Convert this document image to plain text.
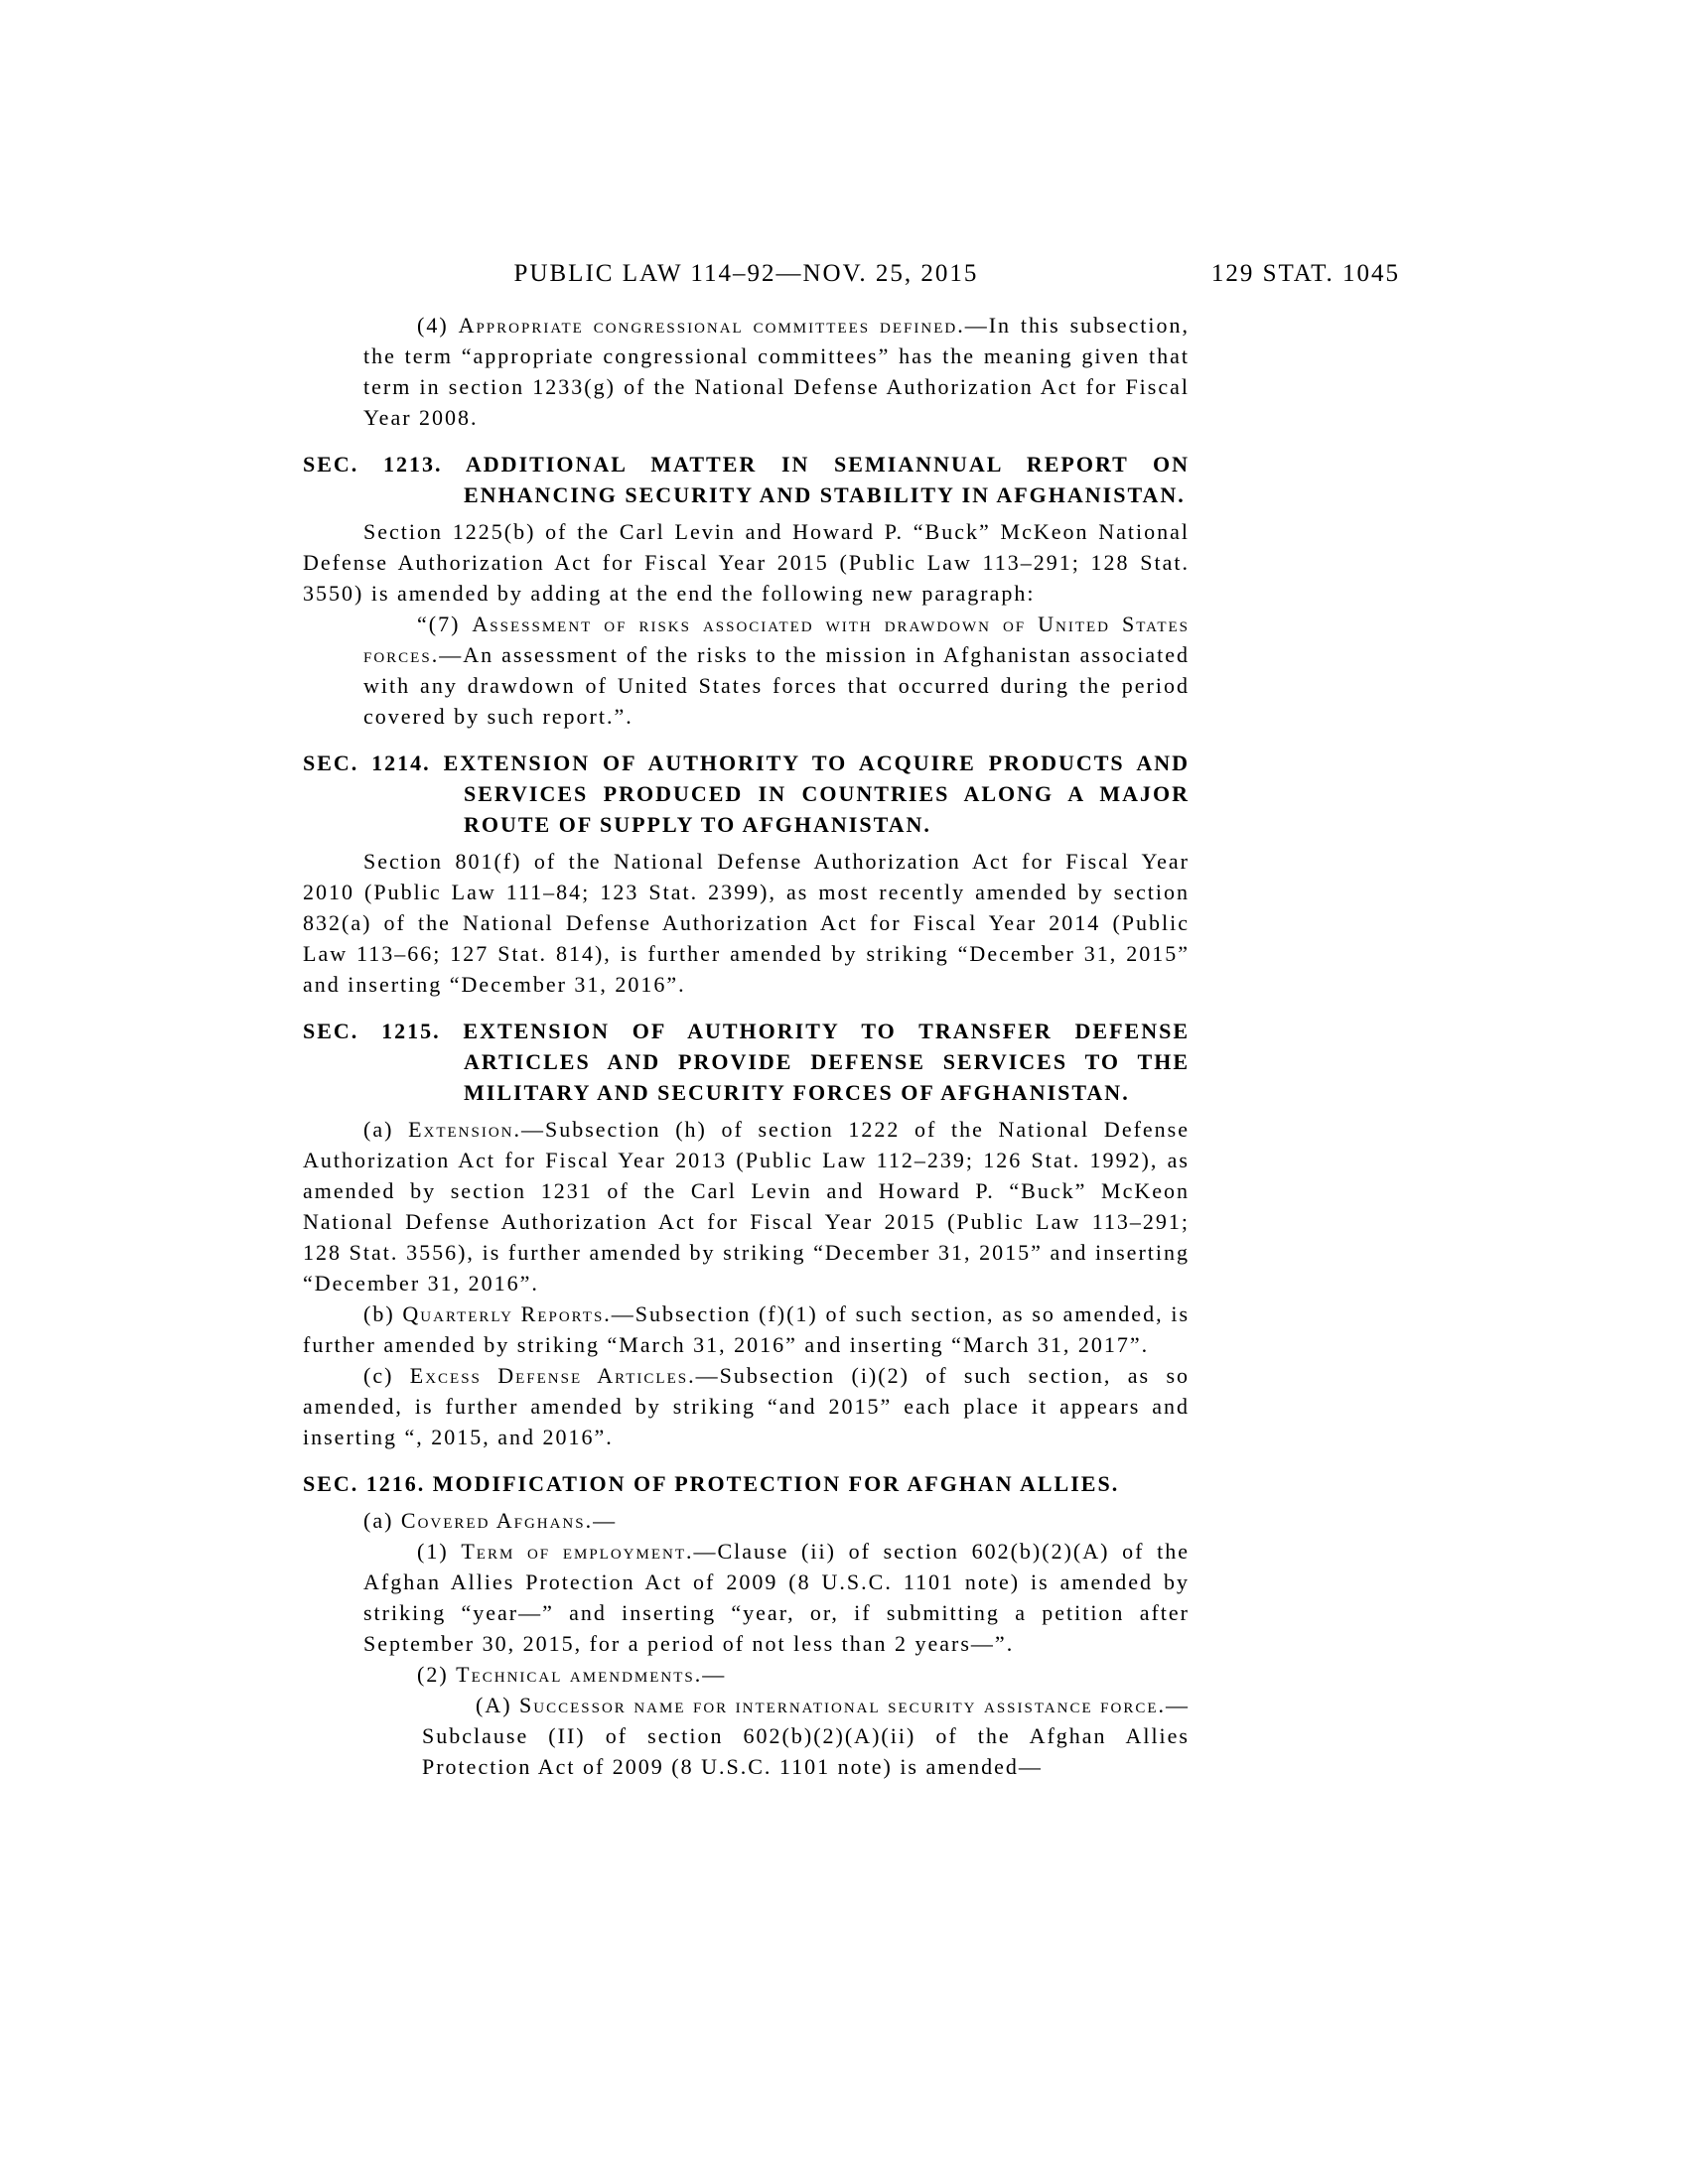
PUBLIC LAW 114–92—NOV. 25, 2015	129 STAT. 1045

(4) Appropriate congressional committees defined.—In this subsection, the term “appropriate congressional committees” has the meaning given that term in section 1233(g) of the National Defense Authorization Act for Fiscal Year 2008.

SEC. 1213. ADDITIONAL MATTER IN SEMIANNUAL REPORT ON ENHANCING SECURITY AND STABILITY IN AFGHANISTAN.

Section 1225(b) of the Carl Levin and Howard P. “Buck” McKeon National Defense Authorization Act for Fiscal Year 2015 (Public Law 113–291; 128 Stat. 3550) is amended by adding at the end the following new paragraph:

“(7) Assessment of risks associated with drawdown of United States forces.—An assessment of the risks to the mission in Afghanistan associated with any drawdown of United States forces that occurred during the period covered by such report.”.

SEC. 1214. EXTENSION OF AUTHORITY TO ACQUIRE PRODUCTS AND SERVICES PRODUCED IN COUNTRIES ALONG A MAJOR ROUTE OF SUPPLY TO AFGHANISTAN.

Section 801(f) of the National Defense Authorization Act for Fiscal Year 2010 (Public Law 111–84; 123 Stat. 2399), as most recently amended by section 832(a) of the National Defense Authorization Act for Fiscal Year 2014 (Public Law 113–66; 127 Stat. 814), is further amended by striking “December 31, 2015” and inserting “December 31, 2016”.

SEC. 1215. EXTENSION OF AUTHORITY TO TRANSFER DEFENSE ARTICLES AND PROVIDE DEFENSE SERVICES TO THE MILITARY AND SECURITY FORCES OF AFGHANISTAN.

(a) Extension.—Subsection (h) of section 1222 of the National Defense Authorization Act for Fiscal Year 2013 (Public Law 112–239; 126 Stat. 1992), as amended by section 1231 of the Carl Levin and Howard P. “Buck” McKeon National Defense Authorization Act for Fiscal Year 2015 (Public Law 113–291; 128 Stat. 3556), is further amended by striking “December 31, 2015” and inserting “December 31, 2016”.

(b) Quarterly Reports.—Subsection (f)(1) of such section, as so amended, is further amended by striking “March 31, 2016” and inserting “March 31, 2017”.

(c) Excess Defense Articles.—Subsection (i)(2) of such section, as so amended, is further amended by striking “and 2015” each place it appears and inserting “, 2015, and 2016”.

SEC. 1216. MODIFICATION OF PROTECTION FOR AFGHAN ALLIES.

(a) Covered Afghans.—

(1) Term of employment.—Clause (ii) of section 602(b)(2)(A) of the Afghan Allies Protection Act of 2009 (8 U.S.C. 1101 note) is amended by striking “year—” and inserting “year, or, if submitting a petition after September 30, 2015, for a period of not less than 2 years—”.

(2) Technical amendments.—

(A) Successor name for international security assistance force.—Subclause (II) of section 602(b)(2)(A)(ii) of the Afghan Allies Protection Act of 2009 (8 U.S.C. 1101 note) is amended—
